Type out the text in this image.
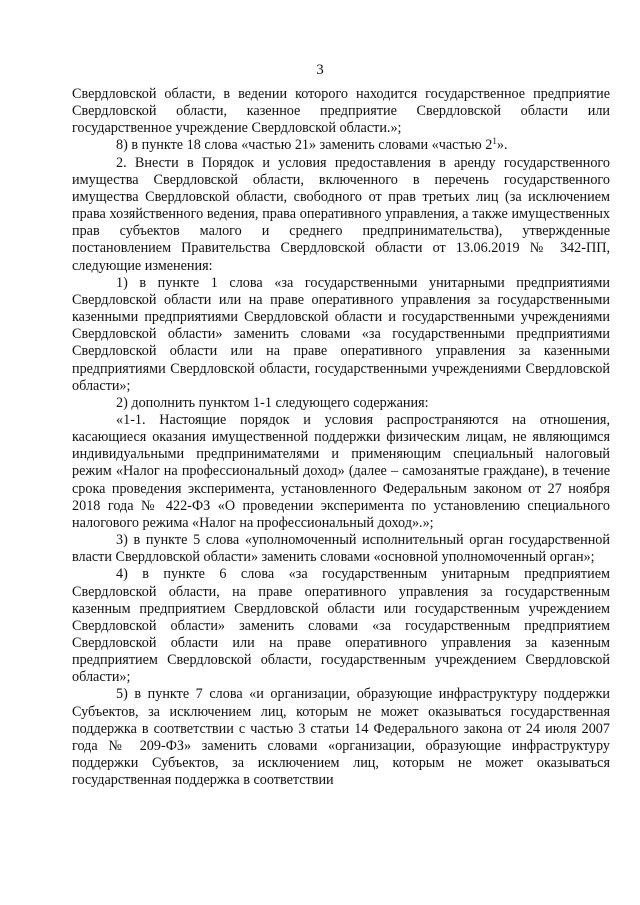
3

Свердловской области, в ведении которого находится государственное предприятие Свердловской области, казенное предприятие Свердловской области или государственное учреждение Свердловской области.»;

8) в пункте 18 слова «частью 21» заменить словами «частью $2^1$».

2. Внести в Порядок и условия предоставления в аренду государственного имущества Свердловской области, включенного в перечень государственного имущества Свердловской области, свободного от прав третьих лиц (за исключением права хозяйственного ведения, права оперативного управления, а также имущественных прав субъектов малого и среднего предпринимательства), утвержденные постановлением Правительства Свердловской области от 13.06.2019 № 342-ПП, следующие изменения:

1) в пункте 1 слова «за государственными унитарными предприятиями Свердловской области или на праве оперативного управления за государственными казенными предприятиями Свердловской области и государственными учреждениями Свердловской области» заменить словами «за государственными предприятиями Свердловской области или на праве оперативного управления за казенными предприятиями Свердловской области, государственными учреждениями Свердловской области»;

2) дополнить пунктом 1-1 следующего содержания:

«1-1. Настоящие порядок и условия распространяются на отношения, касающиеся оказания имущественной поддержки физическим лицам, не являющимся индивидуальными предпринимателями и применяющим специальный налоговый режим «Налог на профессиональный доход» (далее – самозанятые граждане), в течение срока проведения эксперимента, установленного Федеральным законом от 27 ноября 2018 года № 422-ФЗ «О проведении эксперимента по установлению специального налогового режима «Налог на профессиональный доход».»;

3) в пункте 5 слова «уполномоченный исполнительный орган государственной власти Свердловской области» заменить словами «основной уполномоченный орган»;

4) в пункте 6 слова «за государственным унитарным предприятием Свердловской области, на праве оперативного управления за государственным казенным предприятием Свердловской области или государственным учреждением Свердловской области» заменить словами «за государственным предприятием Свердловской области или на праве оперативного управления за казенным предприятием Свердловской области, государственным учреждением Свердловской области»;

5) в пункте 7 слова «и организации, образующие инфраструктуру поддержки Субъектов, за исключением лиц, которым не может оказываться государственная поддержка в соответствии с частью 3 статьи 14 Федерального закона от 24 июля 2007 года № 209-ФЗ» заменить словами «организации, образующие инфраструктуру поддержки Субъектов, за исключением лиц, которым не может оказываться государственная поддержка в соответствии
